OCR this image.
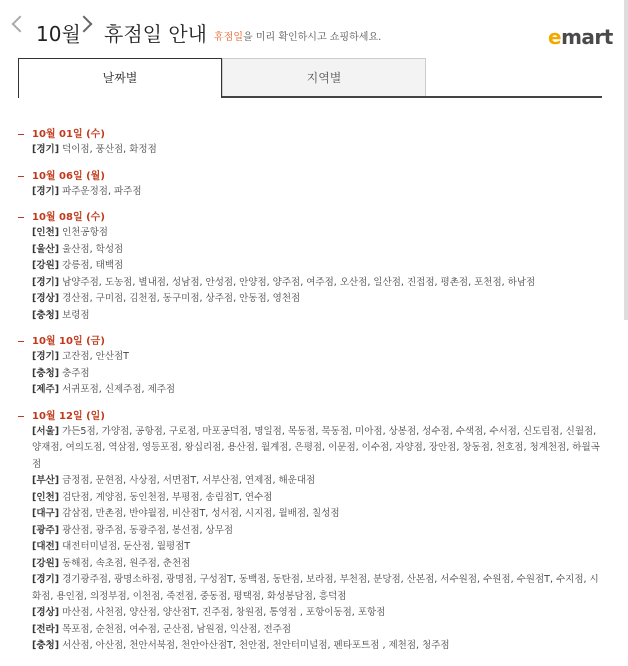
10월 휴점일 안내 휴점일을 미리 확인하시고 쇼핑하세요.	emart
날짜별	지역별
10월 01일 (수)
[경기] 덕이점, 풍산점, 화정점
10월 06일 (월)
[경기] 파주운정점, 파주점
10월 08일 (수)
[인천] 인천공항점
[울산] 울산점, 학성점
[강원] 강릉점, 태백점
[경기] 남양주점, 도농점, 별내점, 성남점, 안성점, 안양점, 양주점, 여주점, 오산점, 일산점, 진접점, 평촌점, 포천점, 하남점
[경상] 경산점, 구미점, 김천점, 동구미점, 상주점, 안동점, 영천점
[충청] 보령점
10월 10일 (금)
[경기] 고잔점, 안산점T
[충청] 충주점
[제주] 서귀포점, 신제주점, 제주점
10월 12일 (일)
[서울] 가든5점, 가양점, 공항점, 구로점, 마포공덕점, 명일점, 목동점, 묵동점, 미아점, 상봉점, 성수점, 수색점, 수서점, 신도림점, 신월점, 양재점, 여의도점, 역삼점, 영등포점, 왕십리점, 용산점, 월계점, 은평점, 이문점, 이수점, 자양점, 장안점, 창동점, 천호점, 청계천점, 하월곡점
[부산] 금정점, 문현점, 사상점, 서면점T, 서부산점, 연제점, 해운대점
[인천] 검단점, 계양점, 동인천점, 부평점, 송림점T, 연수점
[대구] 감삼점, 만촌점, 반야월점, 비산점T, 성서점, 시지점, 월배점, 칠성점
[광주] 광산점, 광주점, 동광주점, 봉선점, 상무점
[대전] 대전터미널점, 둔산점, 월평점T
[강원] 동해점, 속초점, 원주점, 춘천점
[경기] 경기광주점, 광명소하점, 광명점, 구성점T, 동백점, 동탄점, 보라점, 부천점, 분당점, 산본점, 서수원점, 수원점, 수원점T, 수지점, 시화점, 용인점, 의정부점, 이천점, 죽전점, 중동점, 평택점, 화성봉담점, 흥덕점
[경상] 마산점, 사천점, 양산점, 양산점T, 진주점, 창원점, 통영점 , 포항이동점, 포항점
[전라] 목포점, 순천점, 여수점, 군산점, 남원점, 익산점, 전주점
[충청] 서산점, 아산점, 천안서북점, 천안아산점T, 천안점, 천안터미널점, 펜타포트점 , 제천점, 청주점
